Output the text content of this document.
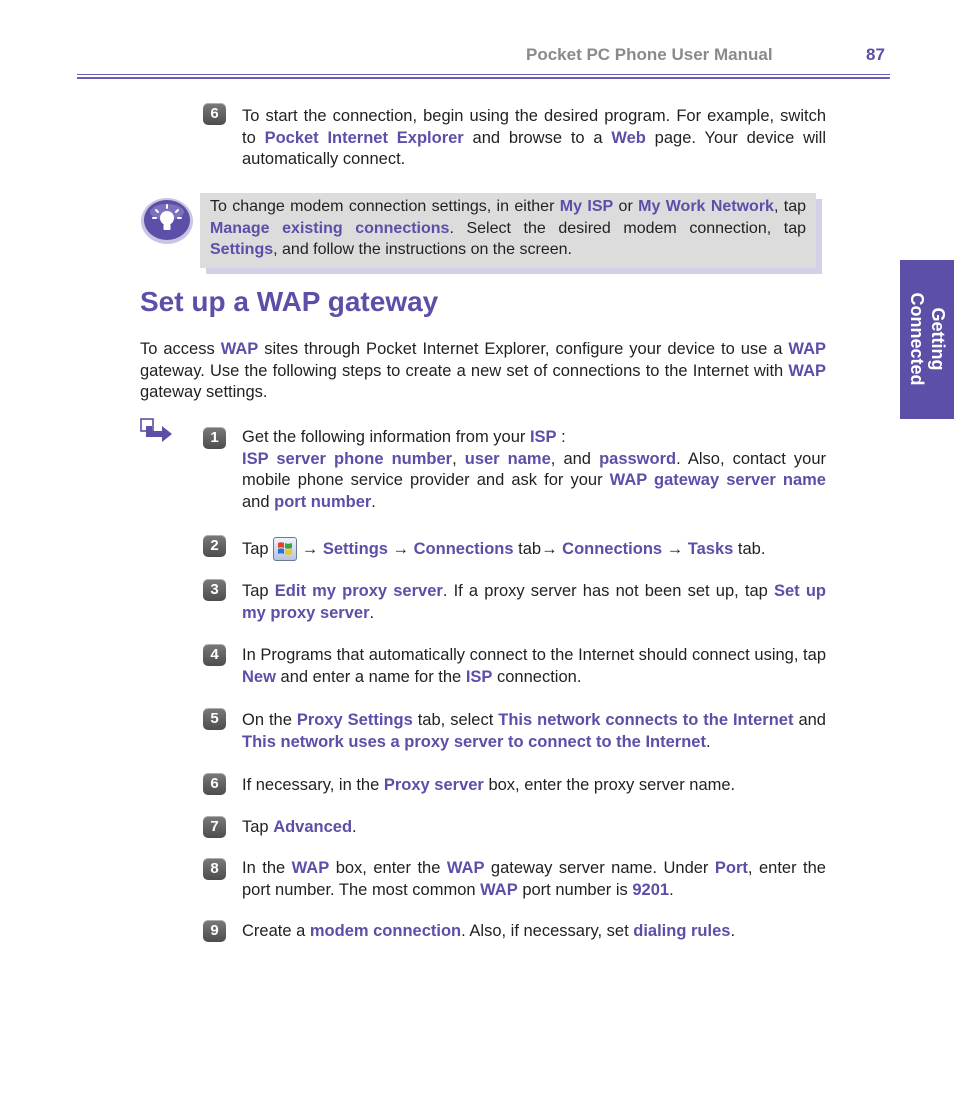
Pocket PC Phone User Manual	87
Getting
Connected
6	To start the connection, begin using the desired program. For example, switch to Pocket Internet Explorer and browse to a Web page. Your device will automatically connect.
To change modem connection settings, in either My ISP or My Work Network, tap Manage existing connections. Select the desired modem connection, tap Settings, and follow the instructions on the screen.
Set up a WAP gateway
To access WAP sites through Pocket Internet Explorer, configure your device to use a WAP gateway. Use the following steps to create a new set of connections to the Internet with WAP gateway settings.
1	Get the following information from your ISP :
ISP server phone number, user name, and password. Also, contact your mobile phone service provider and ask for your WAP gateway server name and port number.
2	Tap  → Settings → Connections tab→ Connections → Tasks tab.
3	Tap Edit my proxy server. If a proxy server has not been set up, tap Set up my proxy server.
4	In Programs that automatically connect to the Internet should connect using, tap New and enter a name for the ISP connection.
5	On the Proxy Settings tab, select This network connects to the Internet and This network uses a proxy server to connect to the Internet.
6	If necessary, in the Proxy server box, enter the proxy server name.
7	Tap Advanced.
8	In the WAP box, enter the WAP gateway server name. Under Port, enter the port number. The most common WAP port number is 9201.
9	Create a modem connection. Also, if necessary, set dialing rules.
